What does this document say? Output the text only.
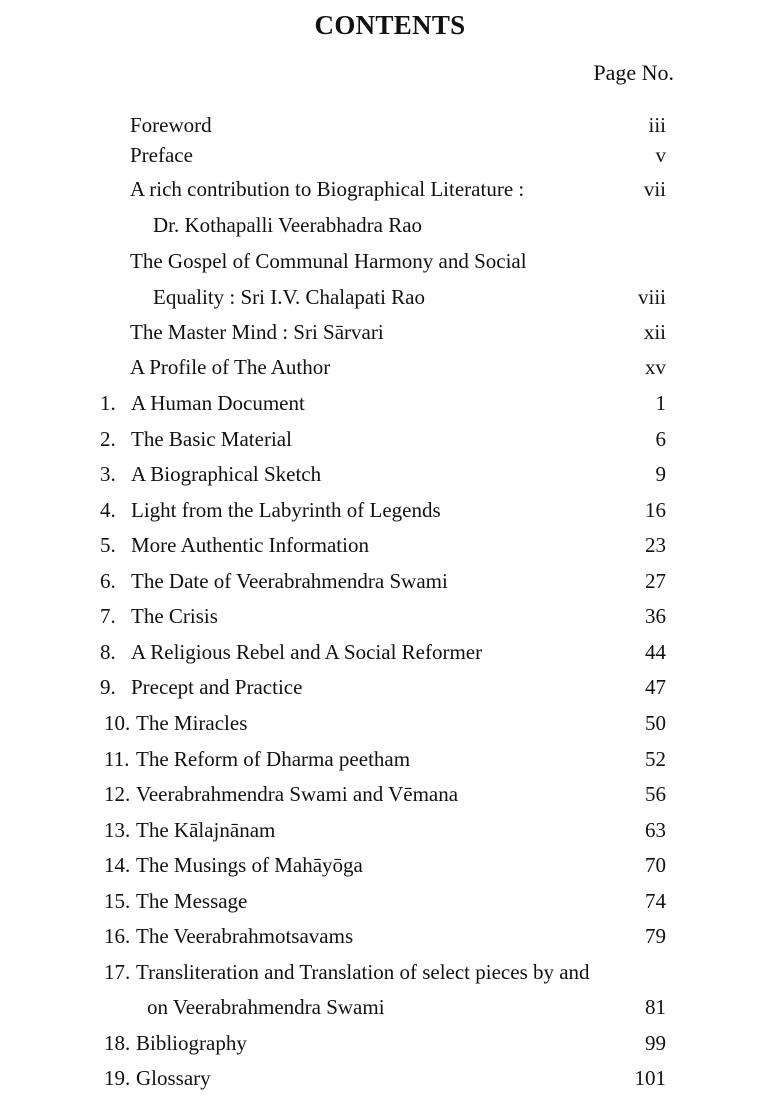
CONTENTS
Page No.
Foreword	iii
Preface	v
A rich contribution to Biographical Literature :	vii
Dr. Kothapalli Veerabhadra Rao
The Gospel of Communal Harmony and Social
Equality : Sri I.V. Chalapati Rao	viii
The Master Mind : Sri Sārvari	xii
A Profile of The Author	xv
1. A Human Document	1
2. The Basic Material	6
3. A Biographical Sketch	9
4. Light from the Labyrinth of Legends	16
5. More Authentic Information	23
6. The Date of Veerabrahmendra Swami	27
7. The Crisis	36
8. A Religious Rebel and A Social Reformer	44
9. Precept and Practice	47
10. The Miracles	50
11. The Reform of Dharma peetham	52
12. Veerabrahmendra Swami and Vēmana	56
13. The Kālajnānam	63
14. The Musings of Mahāyōga	70
15. The Message	74
16. The Veerabrahmotsavams	79
17. Transliteration and Translation of select pieces by and
on Veerabrahmendra Swami	81
18. Bibliography	99
19. Glossary	101
